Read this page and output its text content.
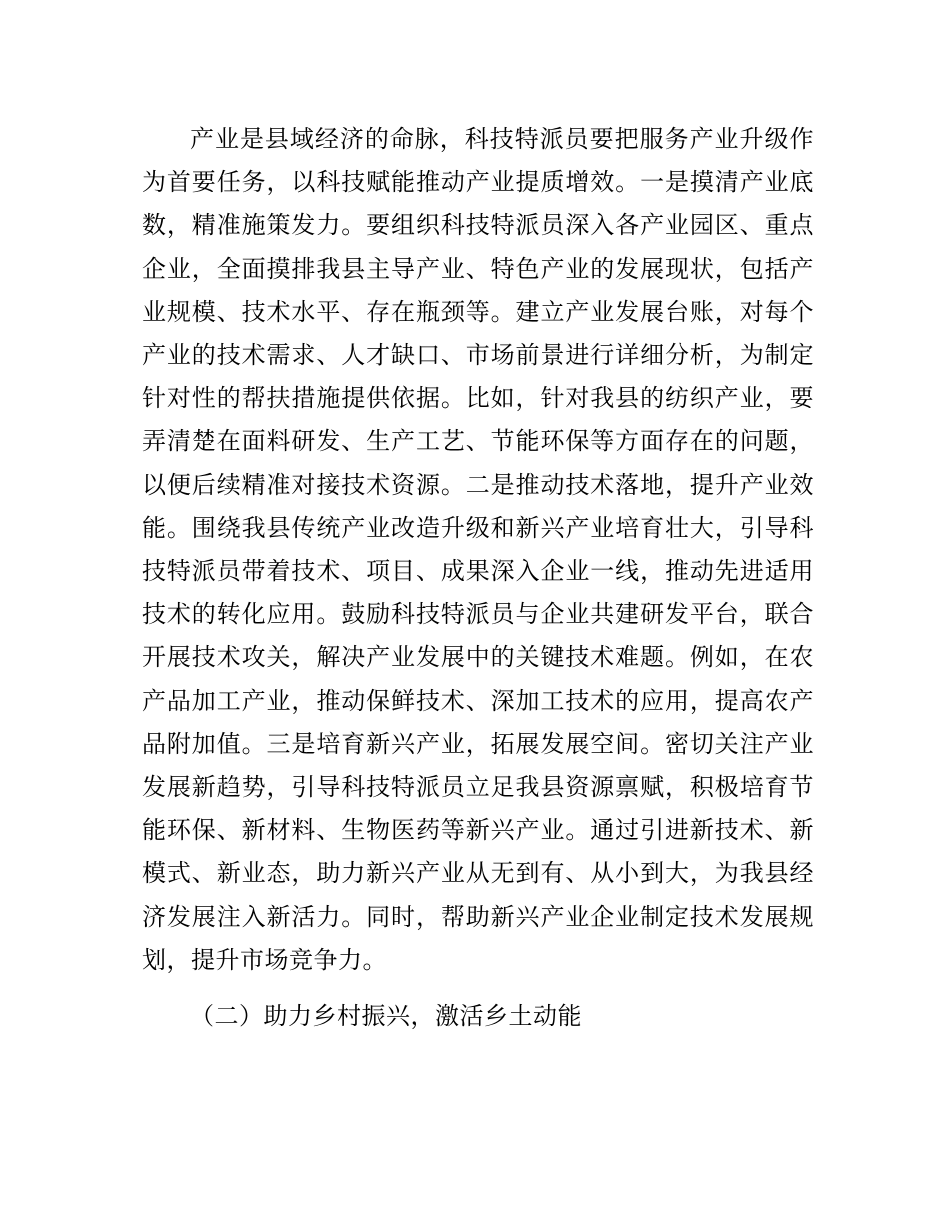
产业是县域经济的命脉，科技特派员要把服务产业升级作为首要任务，以科技赋能推动产业提质增效。一是摸清产业底数，精准施策发力。要组织科技特派员深入各产业园区、重点企业，全面摸排我县主导产业、特色产业的发展现状，包括产业规模、技术水平、存在瓶颈等。建立产业发展台账，对每个产业的技术需求、人才缺口、市场前景进行详细分析，为制定针对性的帮扶措施提供依据。比如，针对我县的纺织产业，要弄清楚在面料研发、生产工艺、节能环保等方面存在的问题，以便后续精准对接技术资源。二是推动技术落地，提升产业效能。围绕我县传统产业改造升级和新兴产业培育壮大，引导科技特派员带着技术、项目、成果深入企业一线，推动先进适用技术的转化应用。鼓励科技特派员与企业共建研发平台，联合开展技术攻关，解决产业发展中的关键技术难题。例如，在农产品加工产业，推动保鲜技术、深加工技术的应用，提高农产品附加值。三是培育新兴产业，拓展发展空间。密切关注产业发展新趋势，引导科技特派员立足我县资源禀赋，积极培育节能环保、新材料、生物医药等新兴产业。通过引进新技术、新模式、新业态，助力新兴产业从无到有、从小到大，为我县经济发展注入新活力。同时，帮助新兴产业企业制定技术发展规划，提升市场竞争力。

（二）助力乡村振兴，激活乡土动能
